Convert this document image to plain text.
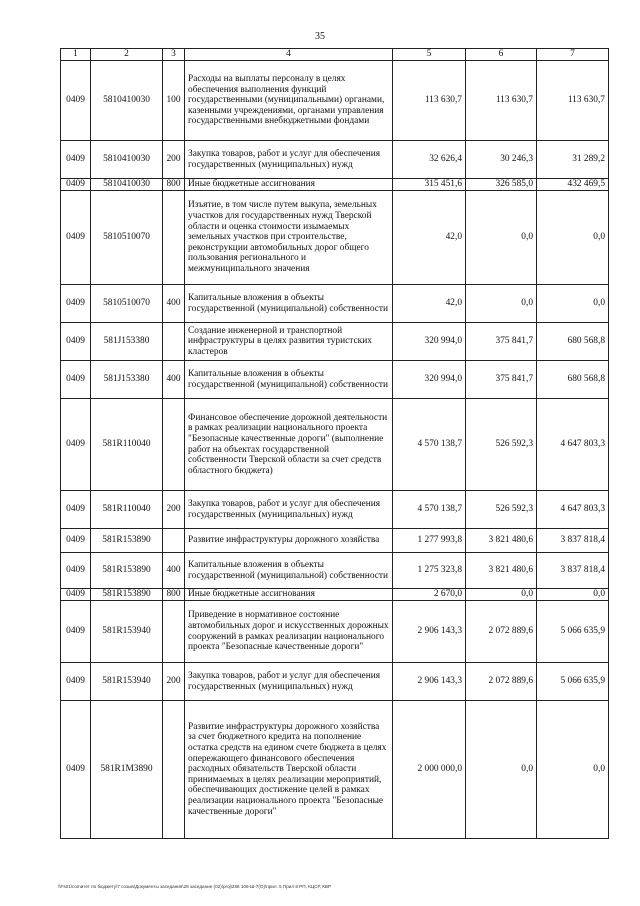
35
1	2	3	4	5	6	7
0409	5810410030	100	Расходы на выплаты персоналу в целях обеспечения выполнения функций государственными (муниципальными) органами, казенными учреждениями, органами управления государственными внебюджетными фондами	113 630,7	113 630,7	113 630,7
0409	5810410030	200	Закупка товаров, работ и услуг для обеспечения государственных (муниципальных) нужд	32 626,4	30 246,3	31 289,2
0409	5810410030	800	Иные бюджетные ассигнования	315 451,6	326 585,0	432 469,5
0409	5810510070		Изъятие, в том числе путем выкупа, земельных участков для государственных нужд Тверской области и оценка стоимости изымаемых земельных участков при строительстве, реконструкции автомобильных дорог общего пользования регионального и межмуниципального значения	42,0	0,0	0,0
0409	5810510070	400	Капитальные вложения в объекты государственной (муниципальной) собственности	42,0	0,0	0,0
0409	581J153380		Создание инженерной и транспортной инфраструктуры в целях развития туристских кластеров	320 994,0	375 841,7	680 568,8
0409	581J153380	400	Капитальные вложения в объекты государственной (муниципальной) собственности	320 994,0	375 841,7	680 568,8
0409	581R110040		Финансовое обеспечение дорожной деятельности в рамках реализации национального проекта "Безопасные качественные дороги" (выполнение работ на объектах государственной собственности Тверской области за счет средств областного бюджета)	4 570 138,7	526 592,3	4 647 803,3
0409	581R110040	200	Закупка товаров, работ и услуг для обеспечения государственных (муниципальных) нужд	4 570 138,7	526 592,3	4 647 803,3
0409	581R153890		Развитие инфраструктуры дорожного хозяйства	1 277 993,8	3 821 480,6	3 837 818,4
0409	581R153890	400	Капитальные вложения в объекты государственной (муниципальной) собственности	1 275 323,8	3 821 480,6	3 837 818,4
0409	581R153890	800	Иные бюджетные ассигнования	2 670,0	0,0	0,0
0409	581R153940		Приведение в нормативное состояние автомобильных дорог и искусственных дорожных сооружений в рамках реализации национального проекта "Безопасные качественные дороги"	2 906 143,3	2 072 889,6	5 066 635,9
0409	581R153940	200	Закупка товаров, работ и услуг для обеспечения государственных (муниципальных) нужд	2 906 143,3	2 072 889,6	5 066 635,9
0409	581R1M3890		Развитие инфраструктуры дорожного хозяйства за счет бюджетного кредита на пополнение остатка средств на едином счете бюджета в целях опережающего финансового обеспечения расходных обязательств Тверской области принимаемых в целях реализации мероприятий, обеспечивающих достижение целей в рамках реализации национального проекта "Безопасные качественные дороги"	2 000 000,0	0,0	0,0
\\Fs01\comитет по бюджету\7 созыв\Документы заседания\28 заседание (02)\proj\286 108-Ш-7(О)\прил. 5 Прил 8 РП, КЦСР, КВР
